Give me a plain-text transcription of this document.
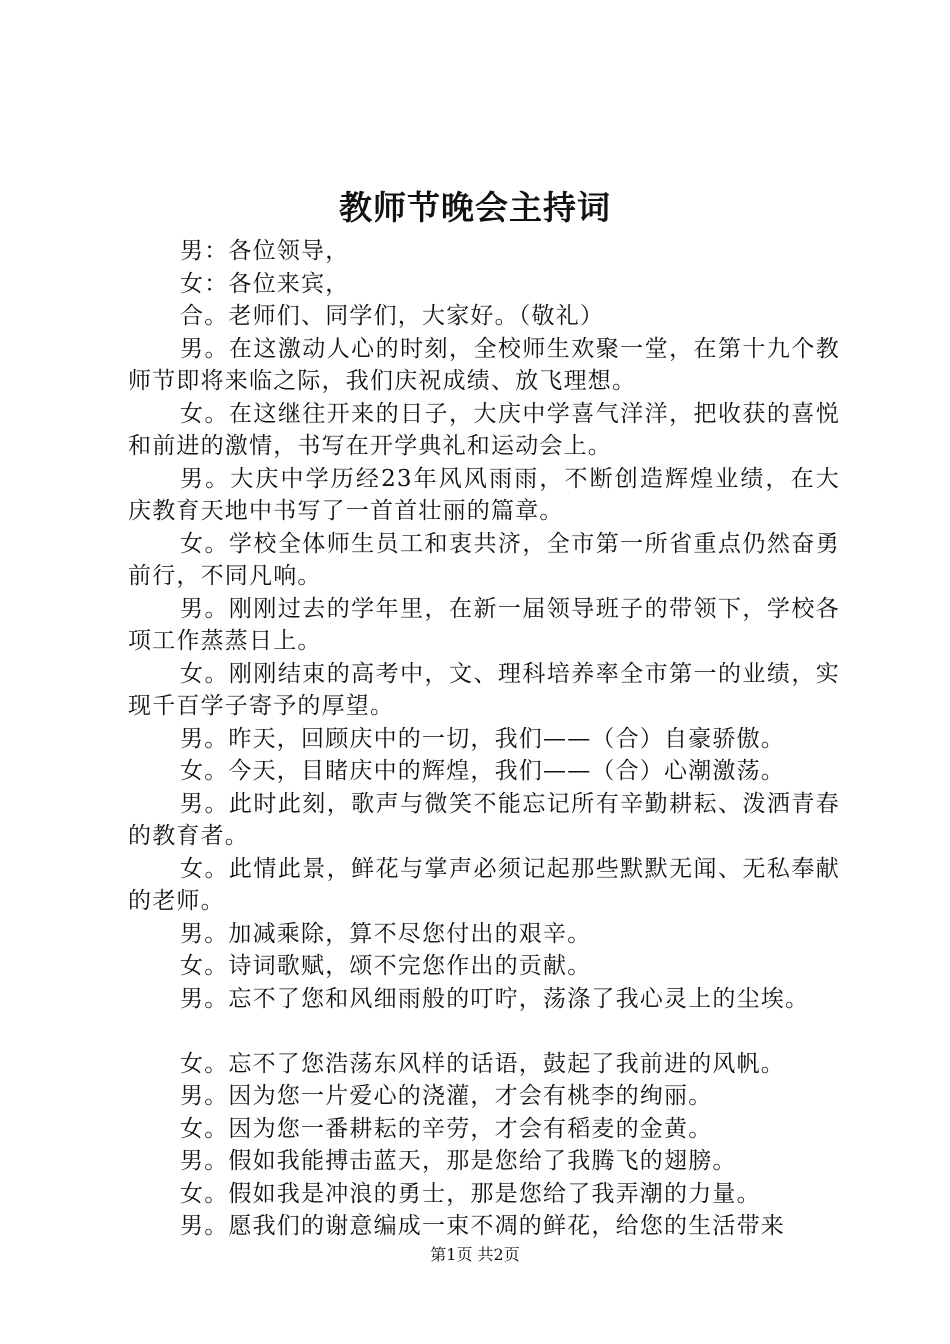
教师节晚会主持词

男：各位领导，

女：各位来宾，

合。老师们、同学们，大家好。（敬礼）

男。在这激动人心的时刻，全校师生欢聚一堂，在第十九个教师节即将来临之际，我们庆祝成绩、放飞理想。

女。在这继往开来的日子，大庆中学喜气洋洋，把收获的喜悦和前进的激情，书写在开学典礼和运动会上。

男。大庆中学历经23年风风雨雨，不断创造辉煌业绩，在大庆教育天地中书写了一首首壮丽的篇章。

女。学校全体师生员工和衷共济，全市第一所省重点仍然奋勇前行，不同凡响。

男。刚刚过去的学年里，在新一届领导班子的带领下，学校各项工作蒸蒸日上。

女。刚刚结束的高考中，文、理科培养率全市第一的业绩，实现千百学子寄予的厚望。

男。昨天，回顾庆中的一切，我们——（合）自豪骄傲。

女。今天，目睹庆中的辉煌，我们——（合）心潮激荡。

男。此时此刻，歌声与微笑不能忘记所有辛勤耕耘、泼洒青春的教育者。

女。此情此景，鲜花与掌声必须记起那些默默无闻、无私奉献的老师。

男。加减乘除，算不尽您付出的艰辛。

女。诗词歌赋，颂不完您作出的贡献。

男。忘不了您和风细雨般的叮咛，荡涤了我心灵上的尘埃。

女。忘不了您浩荡东风样的话语，鼓起了我前进的风帆。

男。因为您一片爱心的浇灌，才会有桃李的绚丽。

女。因为您一番耕耘的辛劳，才会有稻麦的金黄。

男。假如我能搏击蓝天，那是您给了我腾飞的翅膀。

女。假如我是冲浪的勇士，那是您给了我弄潮的力量。

男。愿我们的谢意编成一束不凋的鲜花，给您的生活带来

第1页 共2页
